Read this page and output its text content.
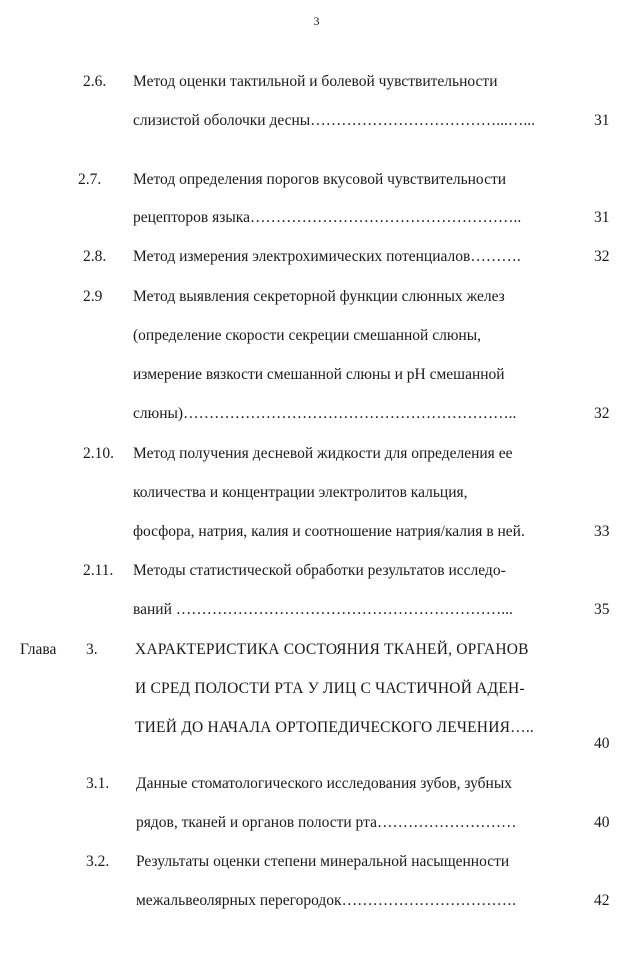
3
2.6. Метод оценки тактильной и болевой чувствительности
слизистой оболочки десны………………………………...…...	31
2.7. Метод определения порогов вкусовой чувствительности
рецепторов языка……………………………………………..	31
2.8. Метод измерения электрохимических потенциалов……….	32
2.9 Метод выявления секреторной функции слюнных желез
(определение скорости секреции смешанной слюны,
измерение вязкости смешанной слюны и pH смешанной
слюны)………………………………………………………..	32
2.10. Метод получения десневой жидкости для определения ее
количества и концентрации электролитов кальция,
фосфора, натрия, калия и соотношение натрия/калия в ней.	33
2.11. Методы статистической обработки результатов исследо-
ваний ………………………………………………………...	35
Глава 3. ХАРАКТЕРИСТИКА СОСТОЯНИЯ ТКАНЕЙ, ОРГАНОВ
И СРЕД ПОЛОСТИ РТА У ЛИЦ С ЧАСТИЧНОЙ АДЕН-
ТИЕЙ ДО НАЧАЛА ОРТОПЕДИЧЕСКОГО ЛЕЧЕНИЯ…..
40
3.1. Данные стоматологического исследования зубов, зубных
рядов, тканей и органов полости рта………………………	40
3.2. Результаты оценки степени минеральной насыщенности
межальвеолярных перегородок…………………………….	42
